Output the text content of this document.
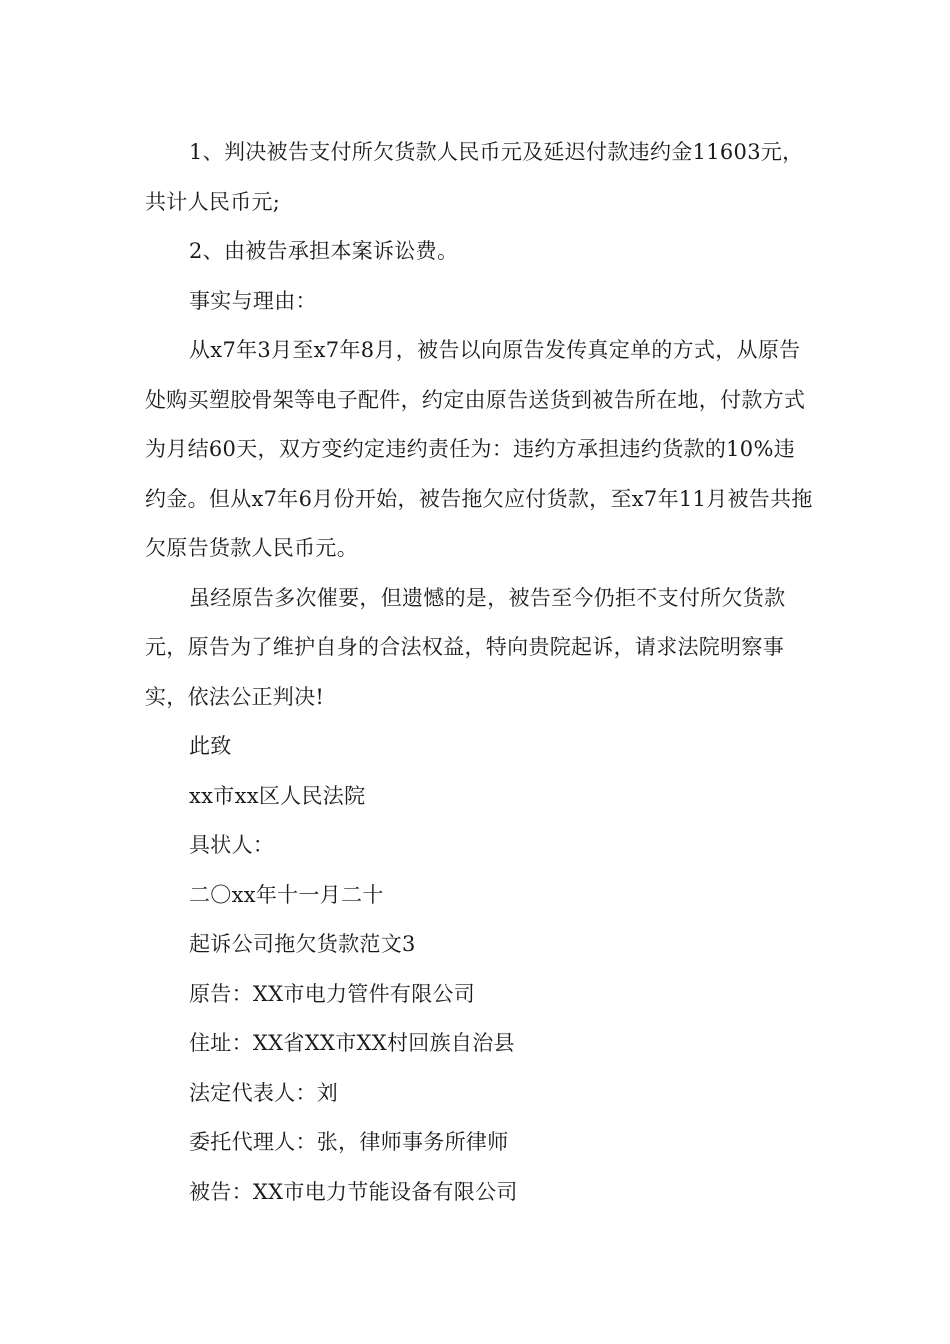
1、判决被告支付所欠货款人民币元及延迟付款违约金11603元，共计人民币元;

2、由被告承担本案诉讼费。

事实与理由：

从x7年3月至x7年8月，被告以向原告发传真定单的方式，从原告处购买塑胶骨架等电子配件，约定由原告送货到被告所在地，付款方式为月结60天，双方变约定违约责任为：违约方承担违约货款的10%违约金。但从x7年6月份开始，被告拖欠应付货款，至x7年11月被告共拖欠原告货款人民币元。

虽经原告多次催要，但遗憾的是，被告至今仍拒不支付所欠货款元，原告为了维护自身的合法权益，特向贵院起诉，请求法院明察事实，依法公正判决!

此致

xx市xx区人民法院

具状人：

二〇xx年十一月二十

起诉公司拖欠货款范文3

原告：XX市电力管件有限公司

住址：XX省XX市XX村回族自治县

法定代表人：刘

委托代理人：张，律师事务所律师

被告：XX市电力节能设备有限公司
